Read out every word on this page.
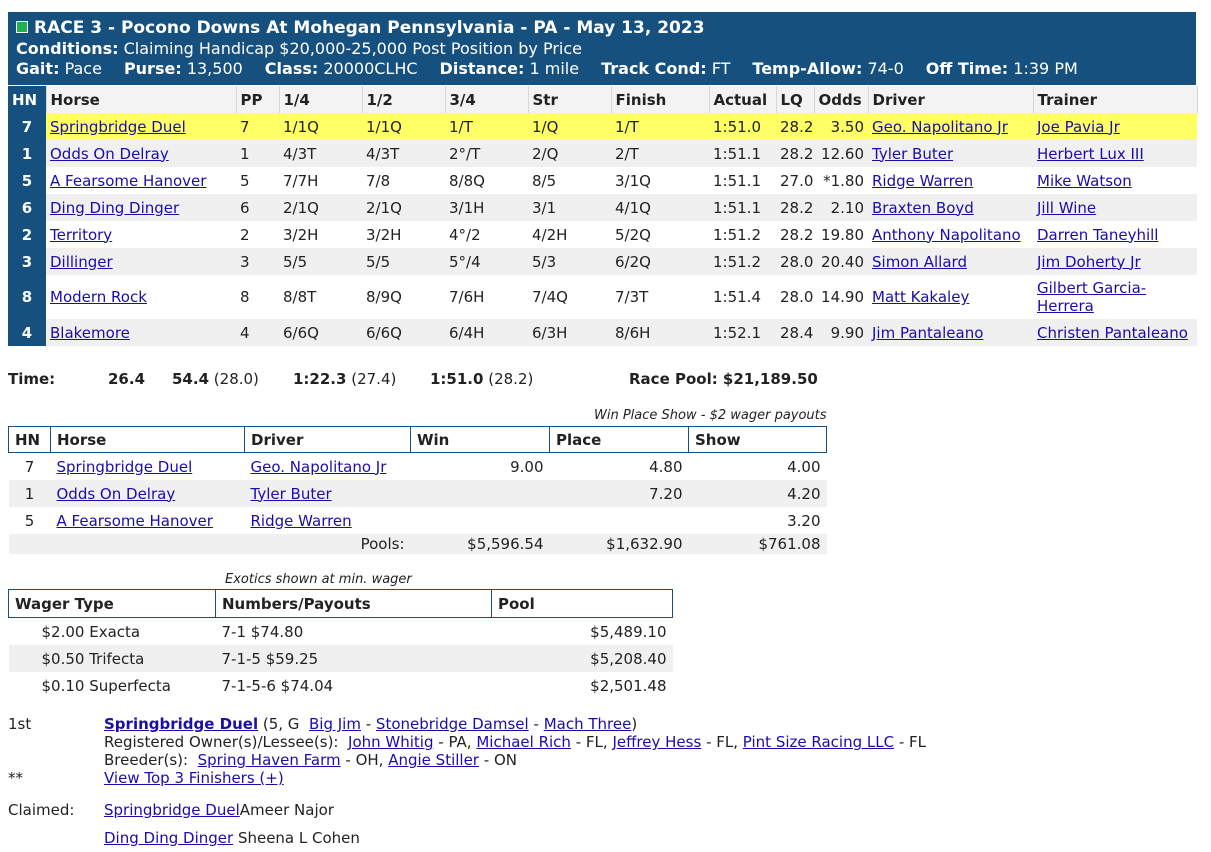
RACE 3 - Pocono Downs At Mohegan Pennsylvania - PA - May 13, 2023
Conditions: Claiming Handicap $20,000-25,000 Post Position by Price
Gait: Pace Purse: 13,500 Class: 20000CLHC Distance: 1 mile Track Cond: FT Temp-Allow: 74-0 Off Time: 1:39 PM
HN	Horse	PP	1/4	1/2	3/4	Str	Finish	Actual	LQ	Odds	Driver	Trainer
7	Springbridge Duel	7	1/1Q	1/1Q	1/T	1/Q	1/T	1:51.0	28.2	3.50	Geo. Napolitano Jr	Joe Pavia Jr
1	Odds On Delray	1	4/3T	4/3T	2°/T	2/Q	2/T	1:51.1	28.2	12.60	Tyler Buter	Herbert Lux III
5	A Fearsome Hanover	5	7/7H	7/8	8/8Q	8/5	3/1Q	1:51.1	27.0	*1.80	Ridge Warren	Mike Watson
6	Ding Ding Dinger	6	2/1Q	2/1Q	3/1H	3/1	4/1Q	1:51.1	28.2	2.10	Braxten Boyd	Jill Wine
2	Territory	2	3/2H	3/2H	4°/2	4/2H	5/2Q	1:51.2	28.2	19.80	Anthony Napolitano	Darren Taneyhill
3	Dillinger	3	5/5	5/5	5°/4	5/3	6/2Q	1:51.2	28.0	20.40	Simon Allard	Jim Doherty Jr
8	Modern Rock	8	8/8T	8/9Q	7/6H	7/4Q	7/3T	1:51.4	28.0	14.90	Matt Kakaley	Gilbert Garcia-Herrera
4	Blakemore	4	6/6Q	6/6Q	6/4H	6/3H	8/6H	1:52.1	28.4	9.90	Jim Pantaleano	Christen Pantaleano
Time:	26.4 54.4 (28.0) 1:22.3 (27.4) 1:51.0 (28.2)	Race Pool: $21,189.50
Win Place Show - $2 wager payouts
HN	Horse	Driver	Win	Place	Show
7	Springbridge Duel	Geo. Napolitano Jr	9.00	4.80	4.00
1	Odds On Delray	Tyler Buter		7.20	4.20
5	A Fearsome Hanover	Ridge Warren			3.20
Pools:			$5,596.54	$1,632.90	$761.08
Exotics shown at min. wager
Wager Type	Numbers/Payouts	Pool
$2.00 Exacta	7-1 $74.80	$5,489.10
$0.50 Trifecta	7-1-5 $59.25	$5,208.40
$0.10 Superfecta	7-1-5-6 $74.04	$2,501.48
1st	Springbridge Duel (5, G Big Jim - Stonebridge Damsel - Mach Three)
Registered Owner(s)/Lessee(s): John Whitig - PA, Michael Rich - FL, Jeffrey Hess - FL, Pint Size Racing LLC - FL
Breeder(s): Spring Haven Farm - OH, Angie Stiller - ON
**	View Top 3 Finishers (+)
Claimed: Springbridge DuelAmeer Najor
Ding Ding Dinger Sheena L Cohen
